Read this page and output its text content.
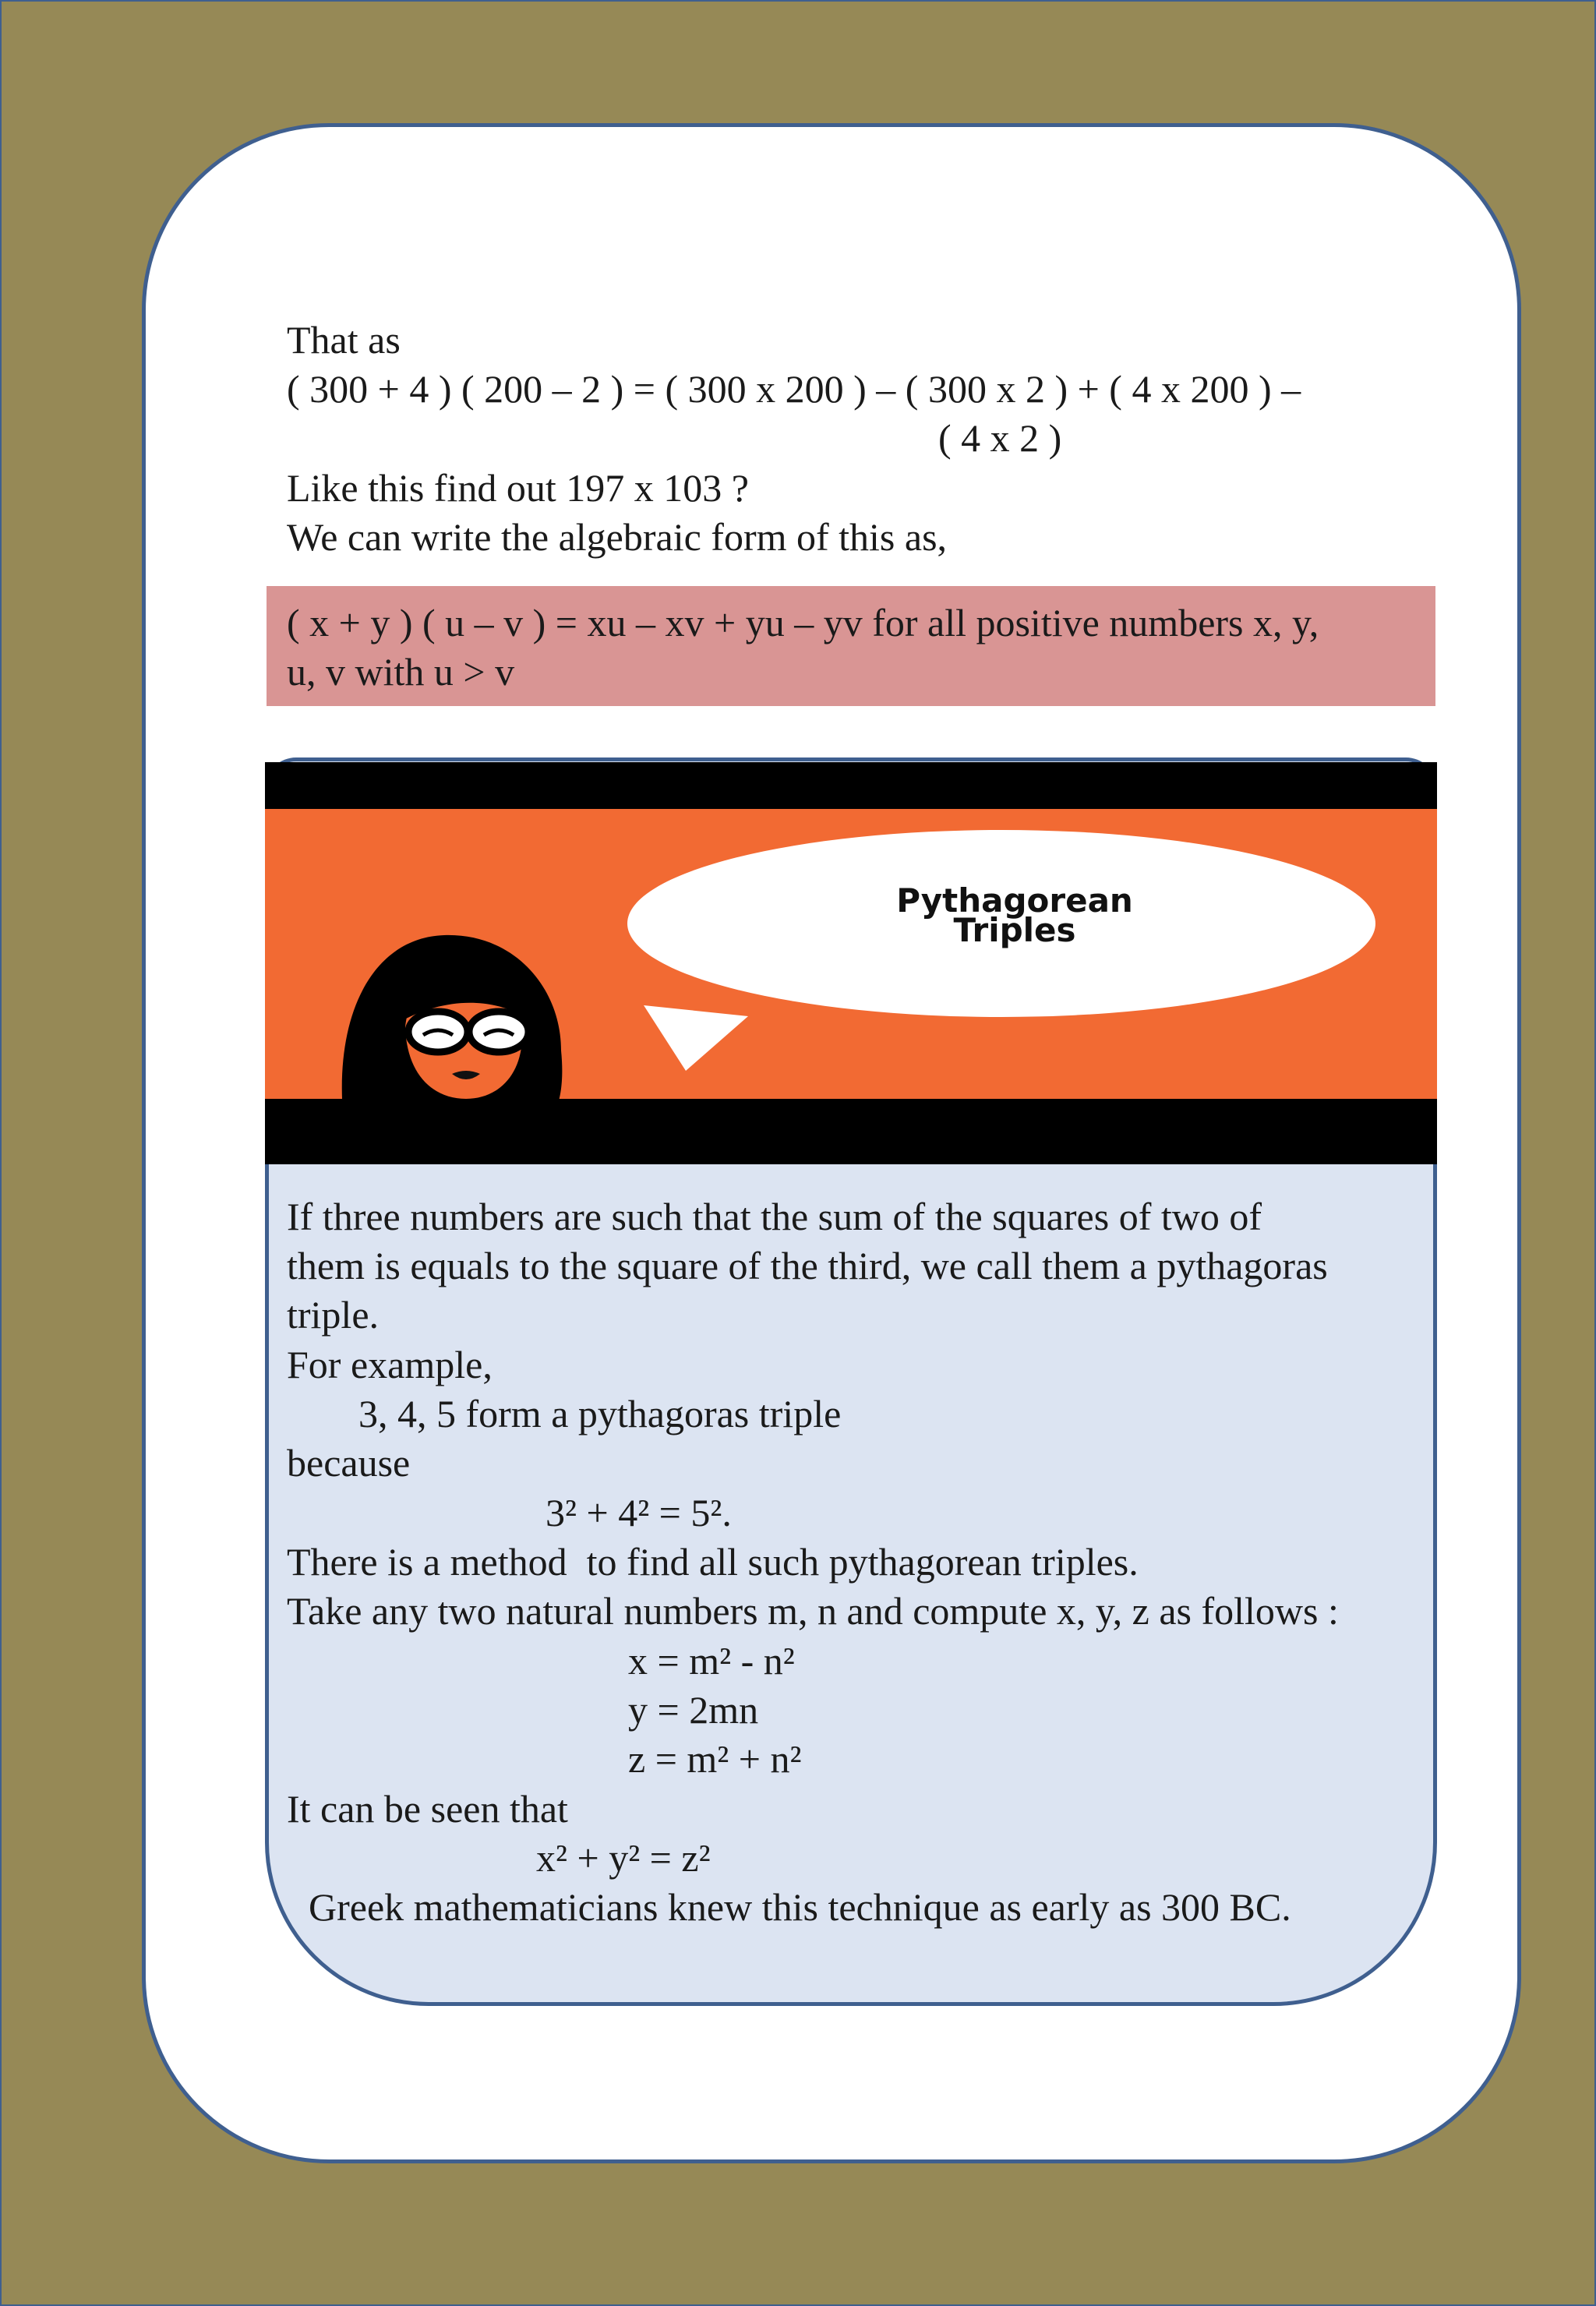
That as

( 300 + 4 ) ( 200 – 2 ) = ( 300 x 200 ) – ( 300 x 2 ) + ( 4 x 200 ) –

( 4 x 2 )

Like this find out 197 x 103 ?

We can write the algebraic form of this as,

( x + y ) ( u – v ) = xu – xv + yu – yv for all positive numbers x, y,

u, v with u > v

Pythagorean
Triples

If three numbers are such that the sum of the squares of two of

them is equals to the square of the third, we call them a pythagoras

triple.

For example,

3, 4, 5 form a pythagoras triple

because

3² + 4² = 5².

There is a method  to find all such pythagorean triples.

Take any two natural numbers m, n and compute x, y, z as follows :

x = m² - n²

y = 2mn

z = m² + n²

It can be seen that

x² + y² = z²

Greek mathematicians knew this technique as early as 300 BC.
